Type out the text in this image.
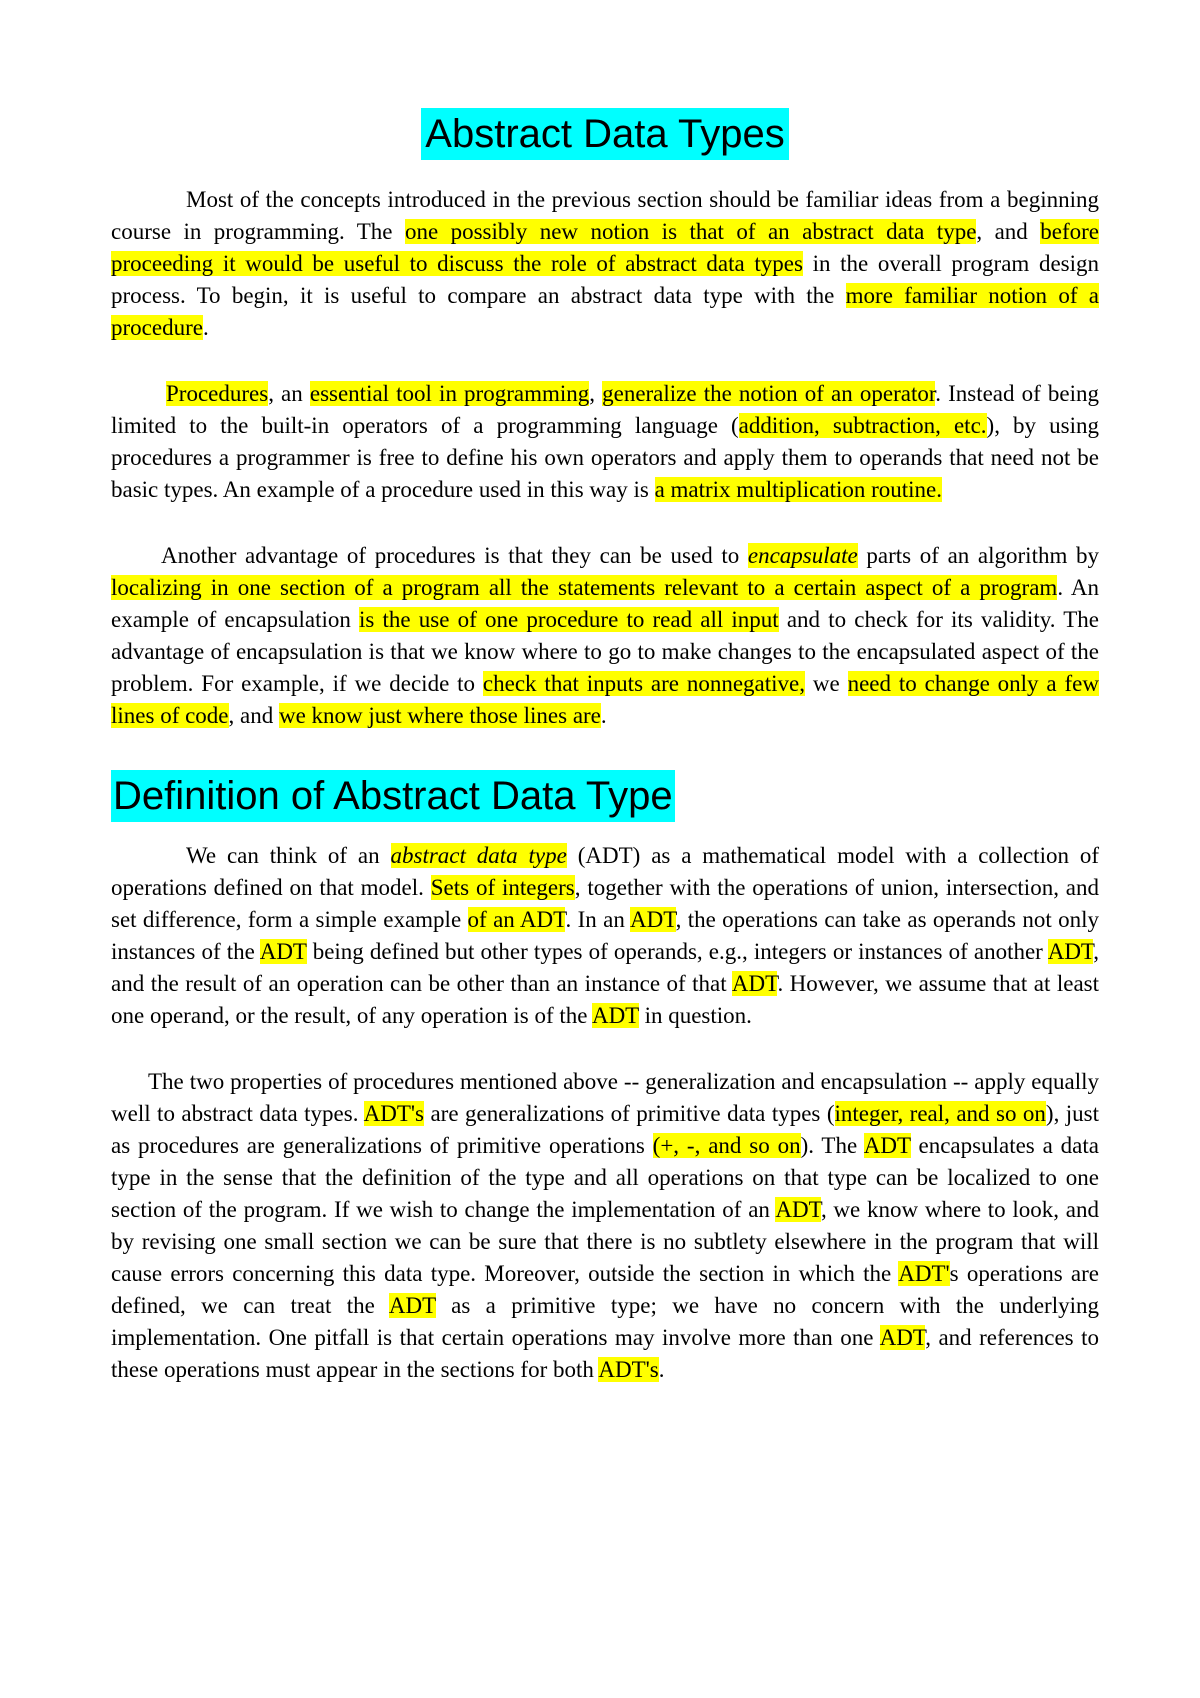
Abstract Data Types

Most of the concepts introduced in the previous section should be familiar ideas from a beginning course in programming. The one possibly new notion is that of an abstract data type, and before proceeding it would be useful to discuss the role of abstract data types in the overall program design process. To begin, it is useful to compare an abstract data type with the more familiar notion of a procedure.

Procedures, an essential tool in programming, generalize the notion of an operator. Instead of being limited to the built-in operators of a programming language (addition, subtraction, etc.), by using procedures a programmer is free to define his own operators and apply them to operands that need not be basic types. An example of a procedure used in this way is a matrix multiplication routine.

Another advantage of procedures is that they can be used to encapsulate parts of an algorithm by localizing in one section of a program all the statements relevant to a certain aspect of a program. An example of encapsulation is the use of one procedure to read all input and to check for its validity. The advantage of encapsulation is that we know where to go to make changes to the encapsulated aspect of the problem. For example, if we decide to check that inputs are nonnegative, we need to change only a few lines of code, and we know just where those lines are.

Definition of Abstract Data Type

We can think of an abstract data type (ADT) as a mathematical model with a collection of operations defined on that model. Sets of integers, together with the operations of union, intersection, and set difference, form a simple example of an ADT. In an ADT, the operations can take as operands not only instances of the ADT being defined but other types of operands, e.g., integers or instances of another ADT, and the result of an operation can be other than an instance of that ADT. However, we assume that at least one operand, or the result, of any operation is of the ADT in question.

The two properties of procedures mentioned above -- generalization and encapsulation -- apply equally well to abstract data types. ADT's are generalizations of primitive data types (integer, real, and so on), just as procedures are generalizations of primitive operations (+, -, and so on). The ADT encapsulates a data type in the sense that the definition of the type and all operations on that type can be localized to one section of the program. If we wish to change the implementation of an ADT, we know where to look, and by revising one small section we can be sure that there is no subtlety elsewhere in the program that will cause errors concerning this data type. Moreover, outside the section in which the ADT's operations are defined, we can treat the ADT as a primitive type; we have no concern with the underlying implementation. One pitfall is that certain operations may involve more than one ADT, and references to these operations must appear in the sections for both ADT's.
